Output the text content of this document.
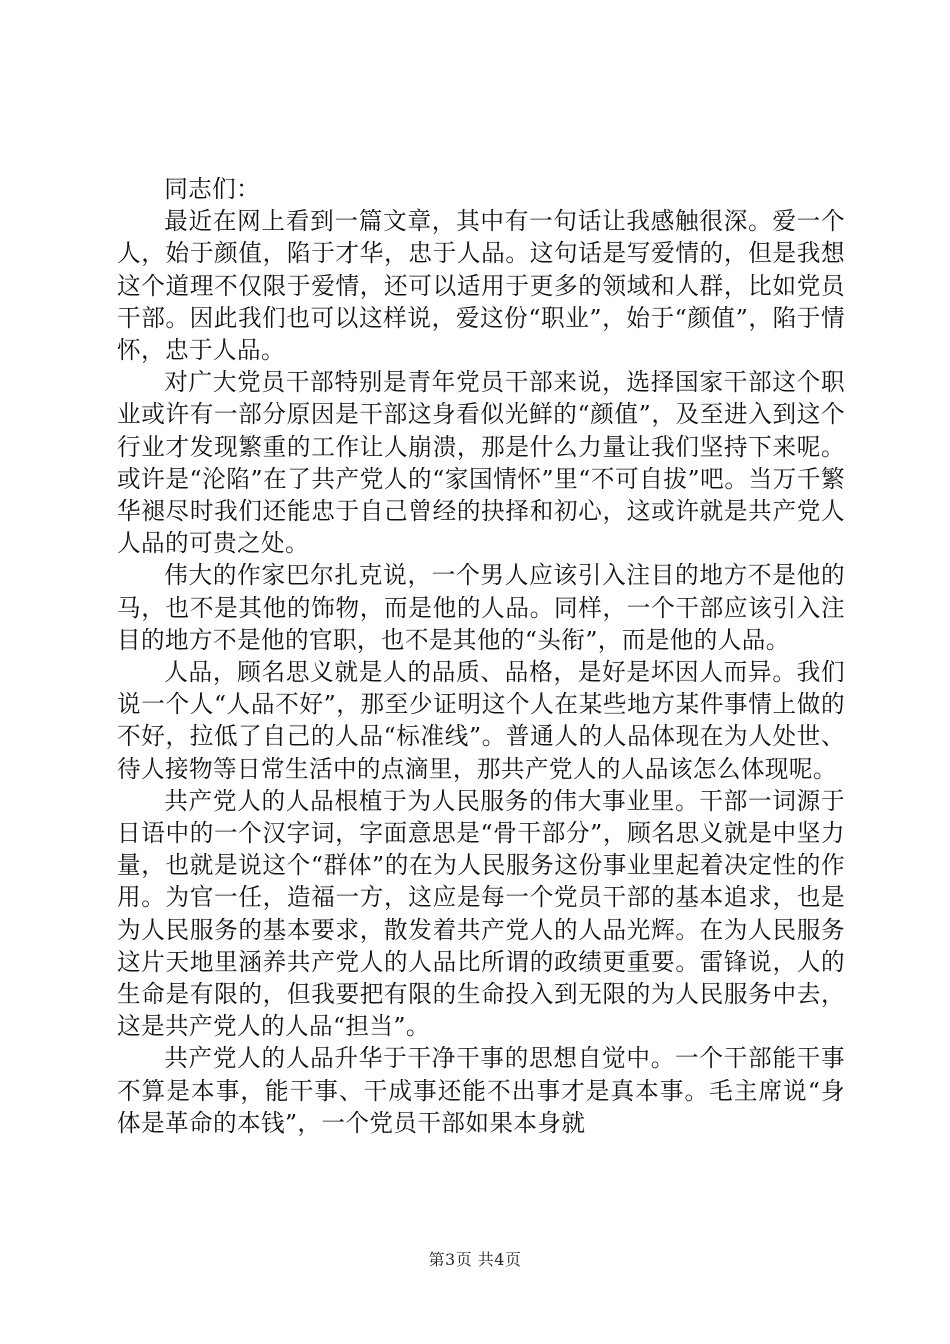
同志们：

最近在网上看到一篇文章，其中有一句话让我感触很深。爱一个人，始于颜值，陷于才华，忠于人品。这句话是写爱情的，但是我想这个道理不仅限于爱情，还可以适用于更多的领域和人群，比如党员干部。因此我们也可以这样说，爱这份“职业”，始于“颜值”，陷于情怀，忠于人品。

对广大党员干部特别是青年党员干部来说，选择国家干部这个职业或许有一部分原因是干部这身看似光鲜的“颜值”，及至进入到这个行业才发现繁重的工作让人崩溃，那是什么力量让我们坚持下来呢。或许是“沦陷”在了共产党人的“家国情怀”里“不可自拔”吧。当万千繁华褪尽时我们还能忠于自己曾经的抉择和初心，这或许就是共产党人人品的可贵之处。

伟大的作家巴尔扎克说，一个男人应该引入注目的地方不是他的马，也不是其他的饰物，而是他的人品。同样，一个干部应该引入注目的地方不是他的官职，也不是其他的“头衔”，而是他的人品。

人品，顾名思义就是人的品质、品格，是好是坏因人而异。我们说一个人“人品不好”，那至少证明这个人在某些地方某件事情上做的不好，拉低了自己的人品“标准线”。普通人的人品体现在为人处世、待人接物等日常生活中的点滴里，那共产党人的人品该怎么体现呢。

共产党人的人品根植于为人民服务的伟大事业里。干部一词源于日语中的一个汉字词，字面意思是“骨干部分”，顾名思义就是中坚力量，也就是说这个“群体”的在为人民服务这份事业里起着决定性的作用。为官一任，造福一方，这应是每一个党员干部的基本追求，也是为人民服务的基本要求，散发着共产党人的人品光辉。在为人民服务这片天地里涵养共产党人的人品比所谓的政绩更重要。雷锋说，人的生命是有限的，但我要把有限的生命投入到无限的为人民服务中去，这是共产党人的人品“担当”。

共产党人的人品升华于干净干事的思想自觉中。一个干部能干事不算是本事，能干事、干成事还能不出事才是真本事。毛主席说“身体是革命的本钱”，一个党员干部如果本身就

第3页 共4页
